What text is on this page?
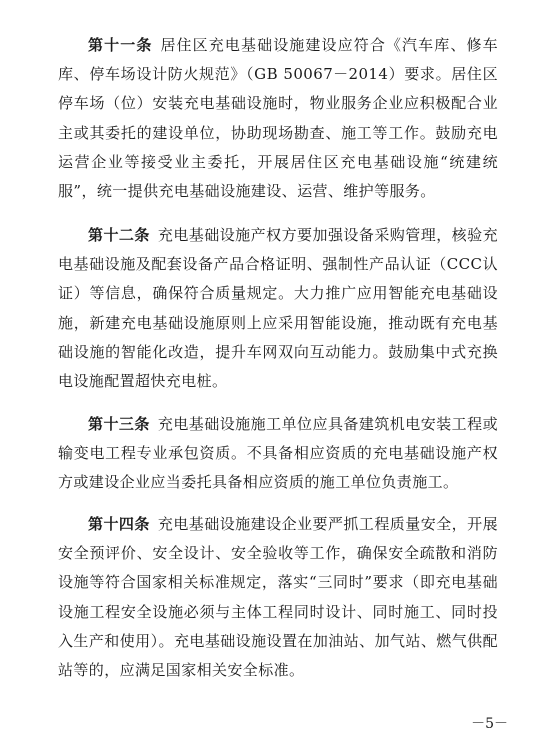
第十一条 居住区充电基础设施建设应符合《汽车库、修车库、停车场设计防火规范》（GB 50067－2014）要求。居住区停车场（位）安装充电基础设施时，物业服务企业应积极配合业主或其委托的建设单位，协助现场勘查、施工等工作。鼓励充电运营企业等接受业主委托，开展居住区充电基础设施“统建统服”，统一提供充电基础设施建设、运营、维护等服务。

第十二条 充电基础设施产权方要加强设备采购管理，核验充电基础设施及配套设备产品合格证明、强制性产品认证（CCC认证）等信息，确保符合质量规定。大力推广应用智能充电基础设施，新建充电基础设施原则上应采用智能设施，推动既有充电基础设施的智能化改造，提升车网双向互动能力。鼓励集中式充换电设施配置超快充电桩。

第十三条 充电基础设施施工单位应具备建筑机电安装工程或输变电工程专业承包资质。不具备相应资质的充电基础设施产权方或建设企业应当委托具备相应资质的施工单位负责施工。

第十四条 充电基础设施建设企业要严抓工程质量安全，开展安全预评价、安全设计、安全验收等工作，确保安全疏散和消防设施等符合国家相关标准规定，落实“三同时”要求（即充电基础设施工程安全设施必须与主体工程同时设计、同时施工、同时投入生产和使用）。充电基础设施设置在加油站、加气站、燃气供配站等的，应满足国家相关安全标准。

－5－
